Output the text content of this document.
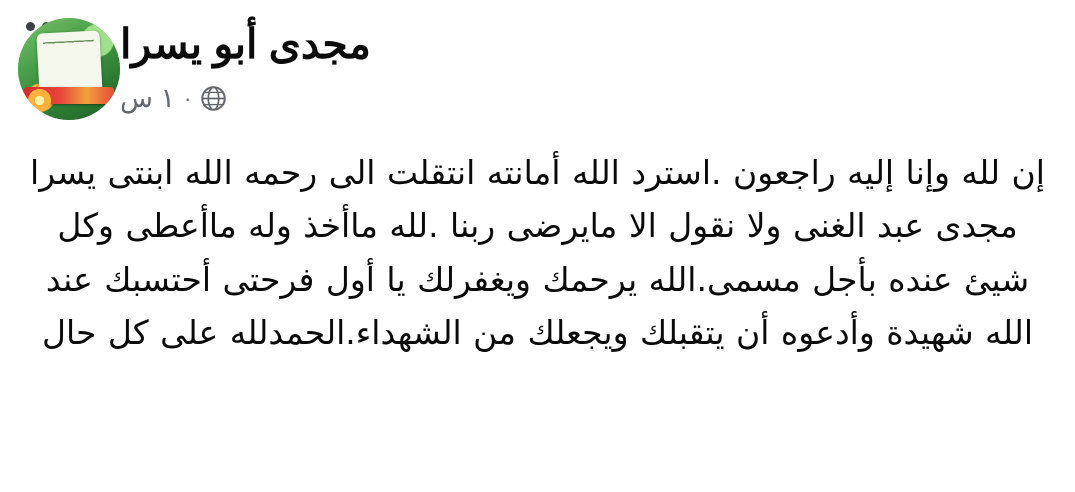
مجدى أبو يسرا
·
١ س
إن لله وإنا إليه راجعون .استرد الله أمانته انتقلت الى رحمه الله ابنتى يسرا مجدى عبد الغنى ولا نقول الا مايرضى ربنا .لله ماأخذ وله ماأعطى وكل شيئ عنده بأجل مسمى.الله يرحمك ويغفرلك يا أول فرحتى أحتسبك عند الله شهيدة وأدعوه أن يتقبلك ويجعلك من الشهداء.الحمدلله على كل حال
